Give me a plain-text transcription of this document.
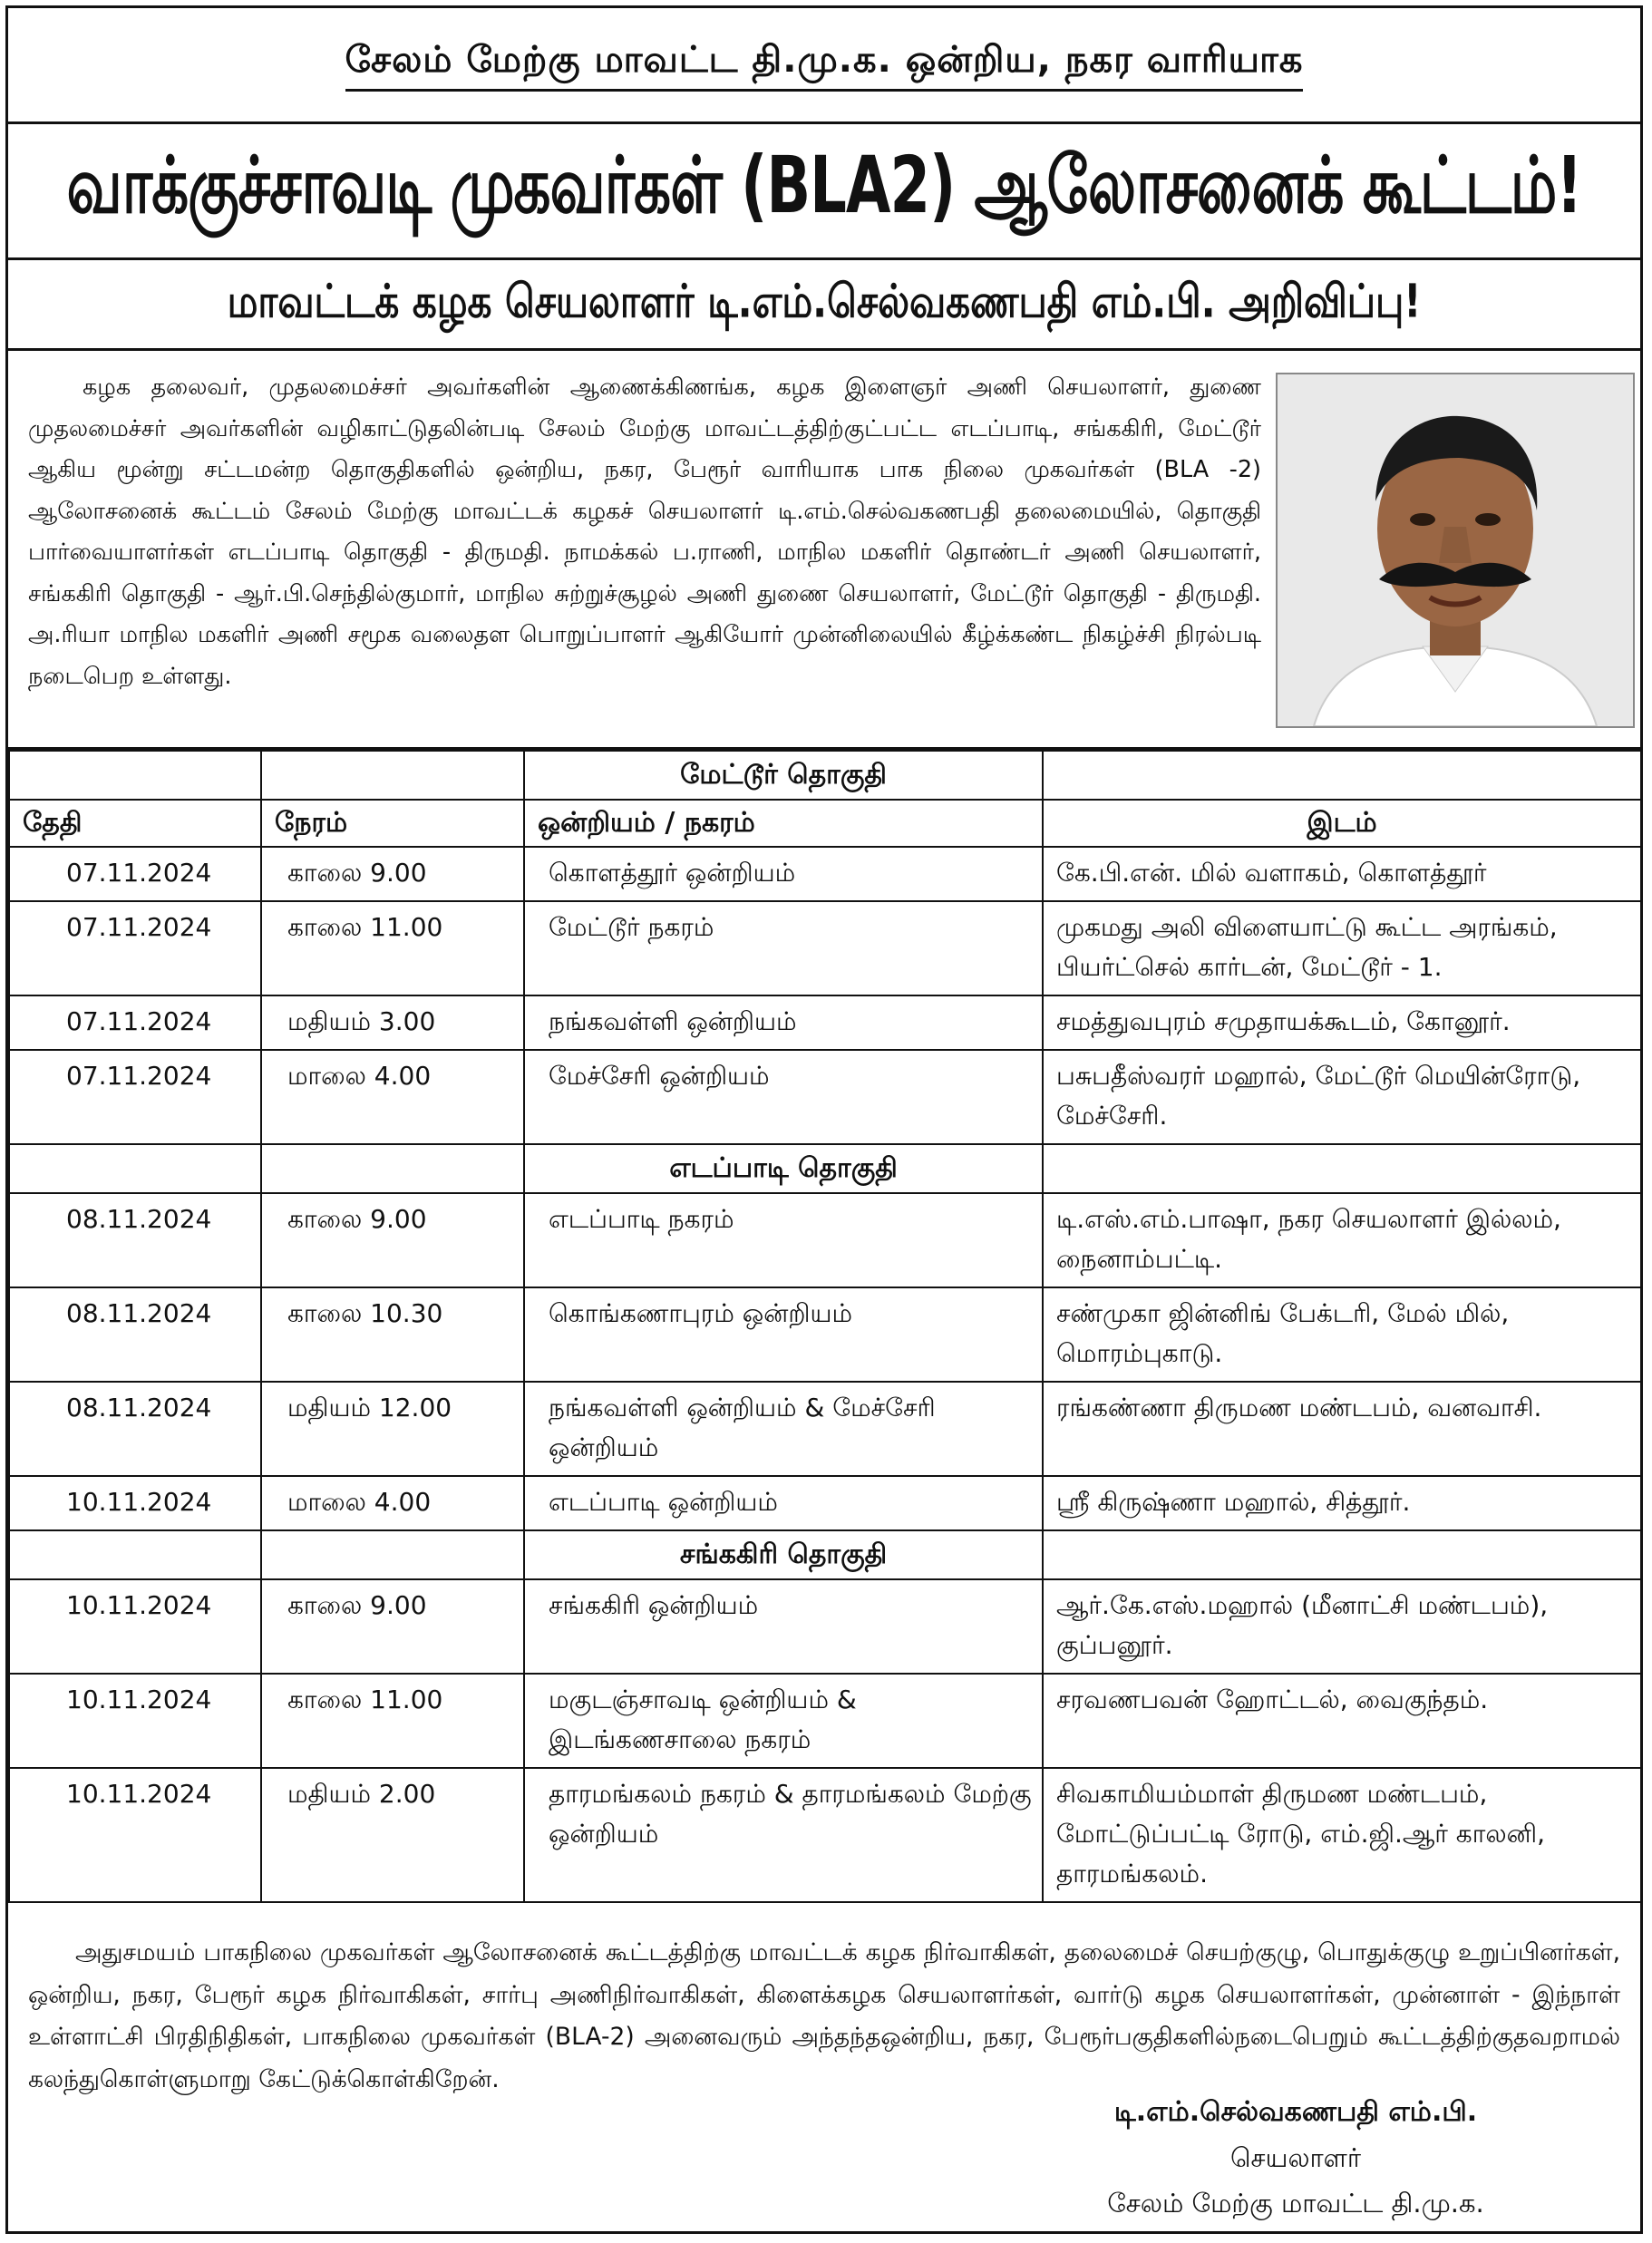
சேலம் மேற்கு மாவட்ட தி.மு.க. ஒன்றிய, நகர வாரியாக
வாக்குச்சாவடி முகவர்கள் (BLA2) ஆலோசனைக் கூட்டம்!
மாவட்டக் கழக செயலாளர் டி.எம்.செல்வகணபதி எம்.பி. அறிவிப்பு!
கழக தலைவர், முதலமைச்சர் அவர்களின் ஆணைக்கிணங்க, கழக இளைஞர் அணி செயலாளர், துணை முதலமைச்சர் அவர்களின் வழிகாட்டுதலின்படி சேலம் மேற்கு மாவட்டத்திற்குட்பட்ட எடப்பாடி, சங்ககிரி, மேட்டூர் ஆகிய மூன்று சட்டமன்ற தொகுதிகளில் ஒன்றிய, நகர, பேரூர் வாரியாக பாக நிலை முகவர்கள் (BLA -2) ஆலோசனைக் கூட்டம் சேலம் மேற்கு மாவட்டக் கழகச் செயலாளர் டி.எம்.செல்வகணபதி தலைமையில், தொகுதி பார்வையாளர்கள் எடப்பாடி தொகுதி - திருமதி. நாமக்கல் ப.ராணி, மாநில மகளிர் தொண்டர் அணி செயலாளர், சங்ககிரி தொகுதி - ஆர்.பி.செந்தில்குமார், மாநில சுற்றுச்சூழல் அணி துணை செயலாளர், மேட்டூர் தொகுதி - திருமதி. அ.ரியா மாநில மகளிர் அணி சமூக வலைதள பொறுப்பாளர் ஆகியோர் முன்னிலையில் கீழ்க்கண்ட நிகழ்ச்சி நிரல்படி நடைபெற உள்ளது.
		மேட்டூர் தொகுதி	
தேதி	நேரம்	ஒன்றியம் / நகரம்	இடம்
07.11.2024	காலை 9.00	கொளத்தூர் ஒன்றியம்	கே.பி.என். மில் வளாகம், கொளத்தூர்
07.11.2024	காலை 11.00	மேட்டூர் நகரம்	முகமது அலி விளையாட்டு கூட்ட அரங்கம், பியர்ட்செல் கார்டன், மேட்டூர் - 1.
07.11.2024	மதியம் 3.00	நங்கவள்ளி ஒன்றியம்	சமத்துவபுரம் சமுதாயக்கூடம், கோனூர்.
07.11.2024	மாலை 4.00	மேச்சேரி ஒன்றியம்	பசுபதீஸ்வரர் மஹால், மேட்டூர் மெயின்ரோடு, மேச்சேரி.
		எடப்பாடி தொகுதி	
08.11.2024	காலை 9.00	எடப்பாடி நகரம்	டி.எஸ்.எம்.பாஷா, நகர செயலாளர் இல்லம், நைனாம்பட்டி.
08.11.2024	காலை 10.30	கொங்கணாபுரம் ஒன்றியம்	சண்முகா ஜின்னிங் பேக்டரி, மேல் மில், மொரம்புகாடு.
08.11.2024	மதியம் 12.00	நங்கவள்ளி ஒன்றியம் & மேச்சேரி ஒன்றியம்	ரங்கண்ணா திருமண மண்டபம், வனவாசி.
10.11.2024	மாலை 4.00	எடப்பாடி ஒன்றியம்	ஸ்ரீ கிருஷ்ணா மஹால், சித்தூர்.
		சங்ககிரி தொகுதி	
10.11.2024	காலை 9.00	சங்ககிரி ஒன்றியம்	ஆர்.கே.எஸ்.மஹால் (மீனாட்சி மண்டபம்), குப்பனூர்.
10.11.2024	காலை 11.00	மகுடஞ்சாவடி ஒன்றியம் & இடங்கணசாலை நகரம்	சரவணபவன் ஹோட்டல், வைகுந்தம்.
10.11.2024	மதியம் 2.00	தாரமங்கலம் நகரம் & தாரமங்கலம் மேற்கு ஒன்றியம்	சிவகாமியம்மாள் திருமண மண்டபம், மோட்டுப்பட்டி ரோடு, எம்.ஜி.ஆர் காலனி, தாரமங்கலம்.
அதுசமயம் பாகநிலை முகவர்கள் ஆலோசனைக் கூட்டத்திற்கு மாவட்டக் கழக நிர்வாகிகள், தலைமைச் செயற்குழு, பொதுக்குழு உறுப்பினர்கள், ஒன்றிய, நகர, பேரூர் கழக நிர்வாகிகள், சார்பு அணிநிர்வாகிகள், கிளைக்கழக செயலாளர்கள், வார்டு கழக செயலாளர்கள், முன்னாள் - இந்நாள் உள்ளாட்சி பிரதிநிதிகள், பாகநிலை முகவர்கள் (BLA-2) அனைவரும் அந்தந்தஒன்றிய, நகர, பேரூர்பகுதிகளில்நடைபெறும் கூட்டத்திற்குதவறாமல் கலந்துகொள்ளுமாறு கேட்டுக்கொள்கிறேன்.
டி.எம்.செல்வகணபதி எம்.பி.
செயலாளர்
சேலம் மேற்கு மாவட்ட தி.மு.க.
